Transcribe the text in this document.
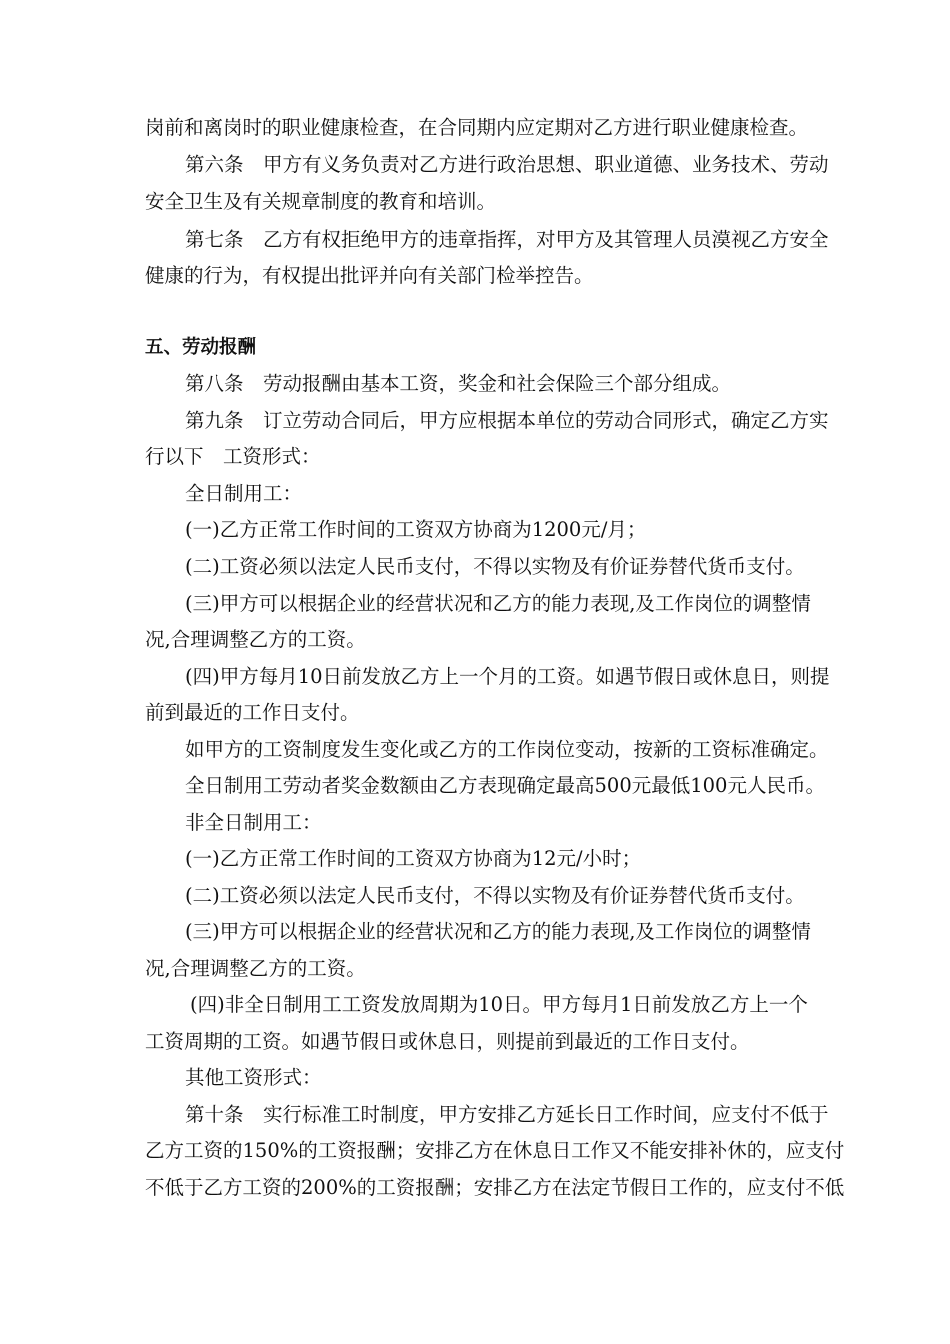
岗前和离岗时的职业健康检查，在合同期内应定期对乙方进行职业健康检查。
第六条　甲方有义务负责对乙方进行政治思想、职业道德、业务技术、劳动
安全卫生及有关规章制度的教育和培训。
第七条　乙方有权拒绝甲方的违章指挥，对甲方及其管理人员漠视乙方安全
健康的行为，有权提出批评并向有关部门检举控告。
五、劳动报酬
第八条　劳动报酬由基本工资，奖金和社会保险三个部分组成。
第九条　订立劳动合同后，甲方应根据本单位的劳动合同形式，确定乙方实
行以下　工资形式：
全日制用工：
(一)乙方正常工作时间的工资双方协商为1200元/月；
(二)工资必须以法定人民币支付，不得以实物及有价证券替代货币支付。
(三)甲方可以根据企业的经营状况和乙方的能力表现,及工作岗位的调整情
况,合理调整乙方的工资。
(四)甲方每月10日前发放乙方上一个月的工资。如遇节假日或休息日，则提
前到最近的工作日支付。
如甲方的工资制度发生变化或乙方的工作岗位变动，按新的工资标准确定。
全日制用工劳动者奖金数额由乙方表现确定最高500元最低100元人民币。
非全日制用工：
(一)乙方正常工作时间的工资双方协商为12元/小时；
(二)工资必须以法定人民币支付，不得以实物及有价证券替代货币支付。
(三)甲方可以根据企业的经营状况和乙方的能力表现,及工作岗位的调整情
况,合理调整乙方的工资。
(四)非全日制用工工资发放周期为10日。甲方每月1日前发放乙方上一个
工资周期的工资。如遇节假日或休息日，则提前到最近的工作日支付。
其他工资形式：
第十条　实行标准工时制度，甲方安排乙方延长日工作时间，应支付不低于
乙方工资的150%的工资报酬；安排乙方在休息日工作又不能安排补休的，应支付
不低于乙方工资的200%的工资报酬；安排乙方在法定节假日工作的，应支付不低
